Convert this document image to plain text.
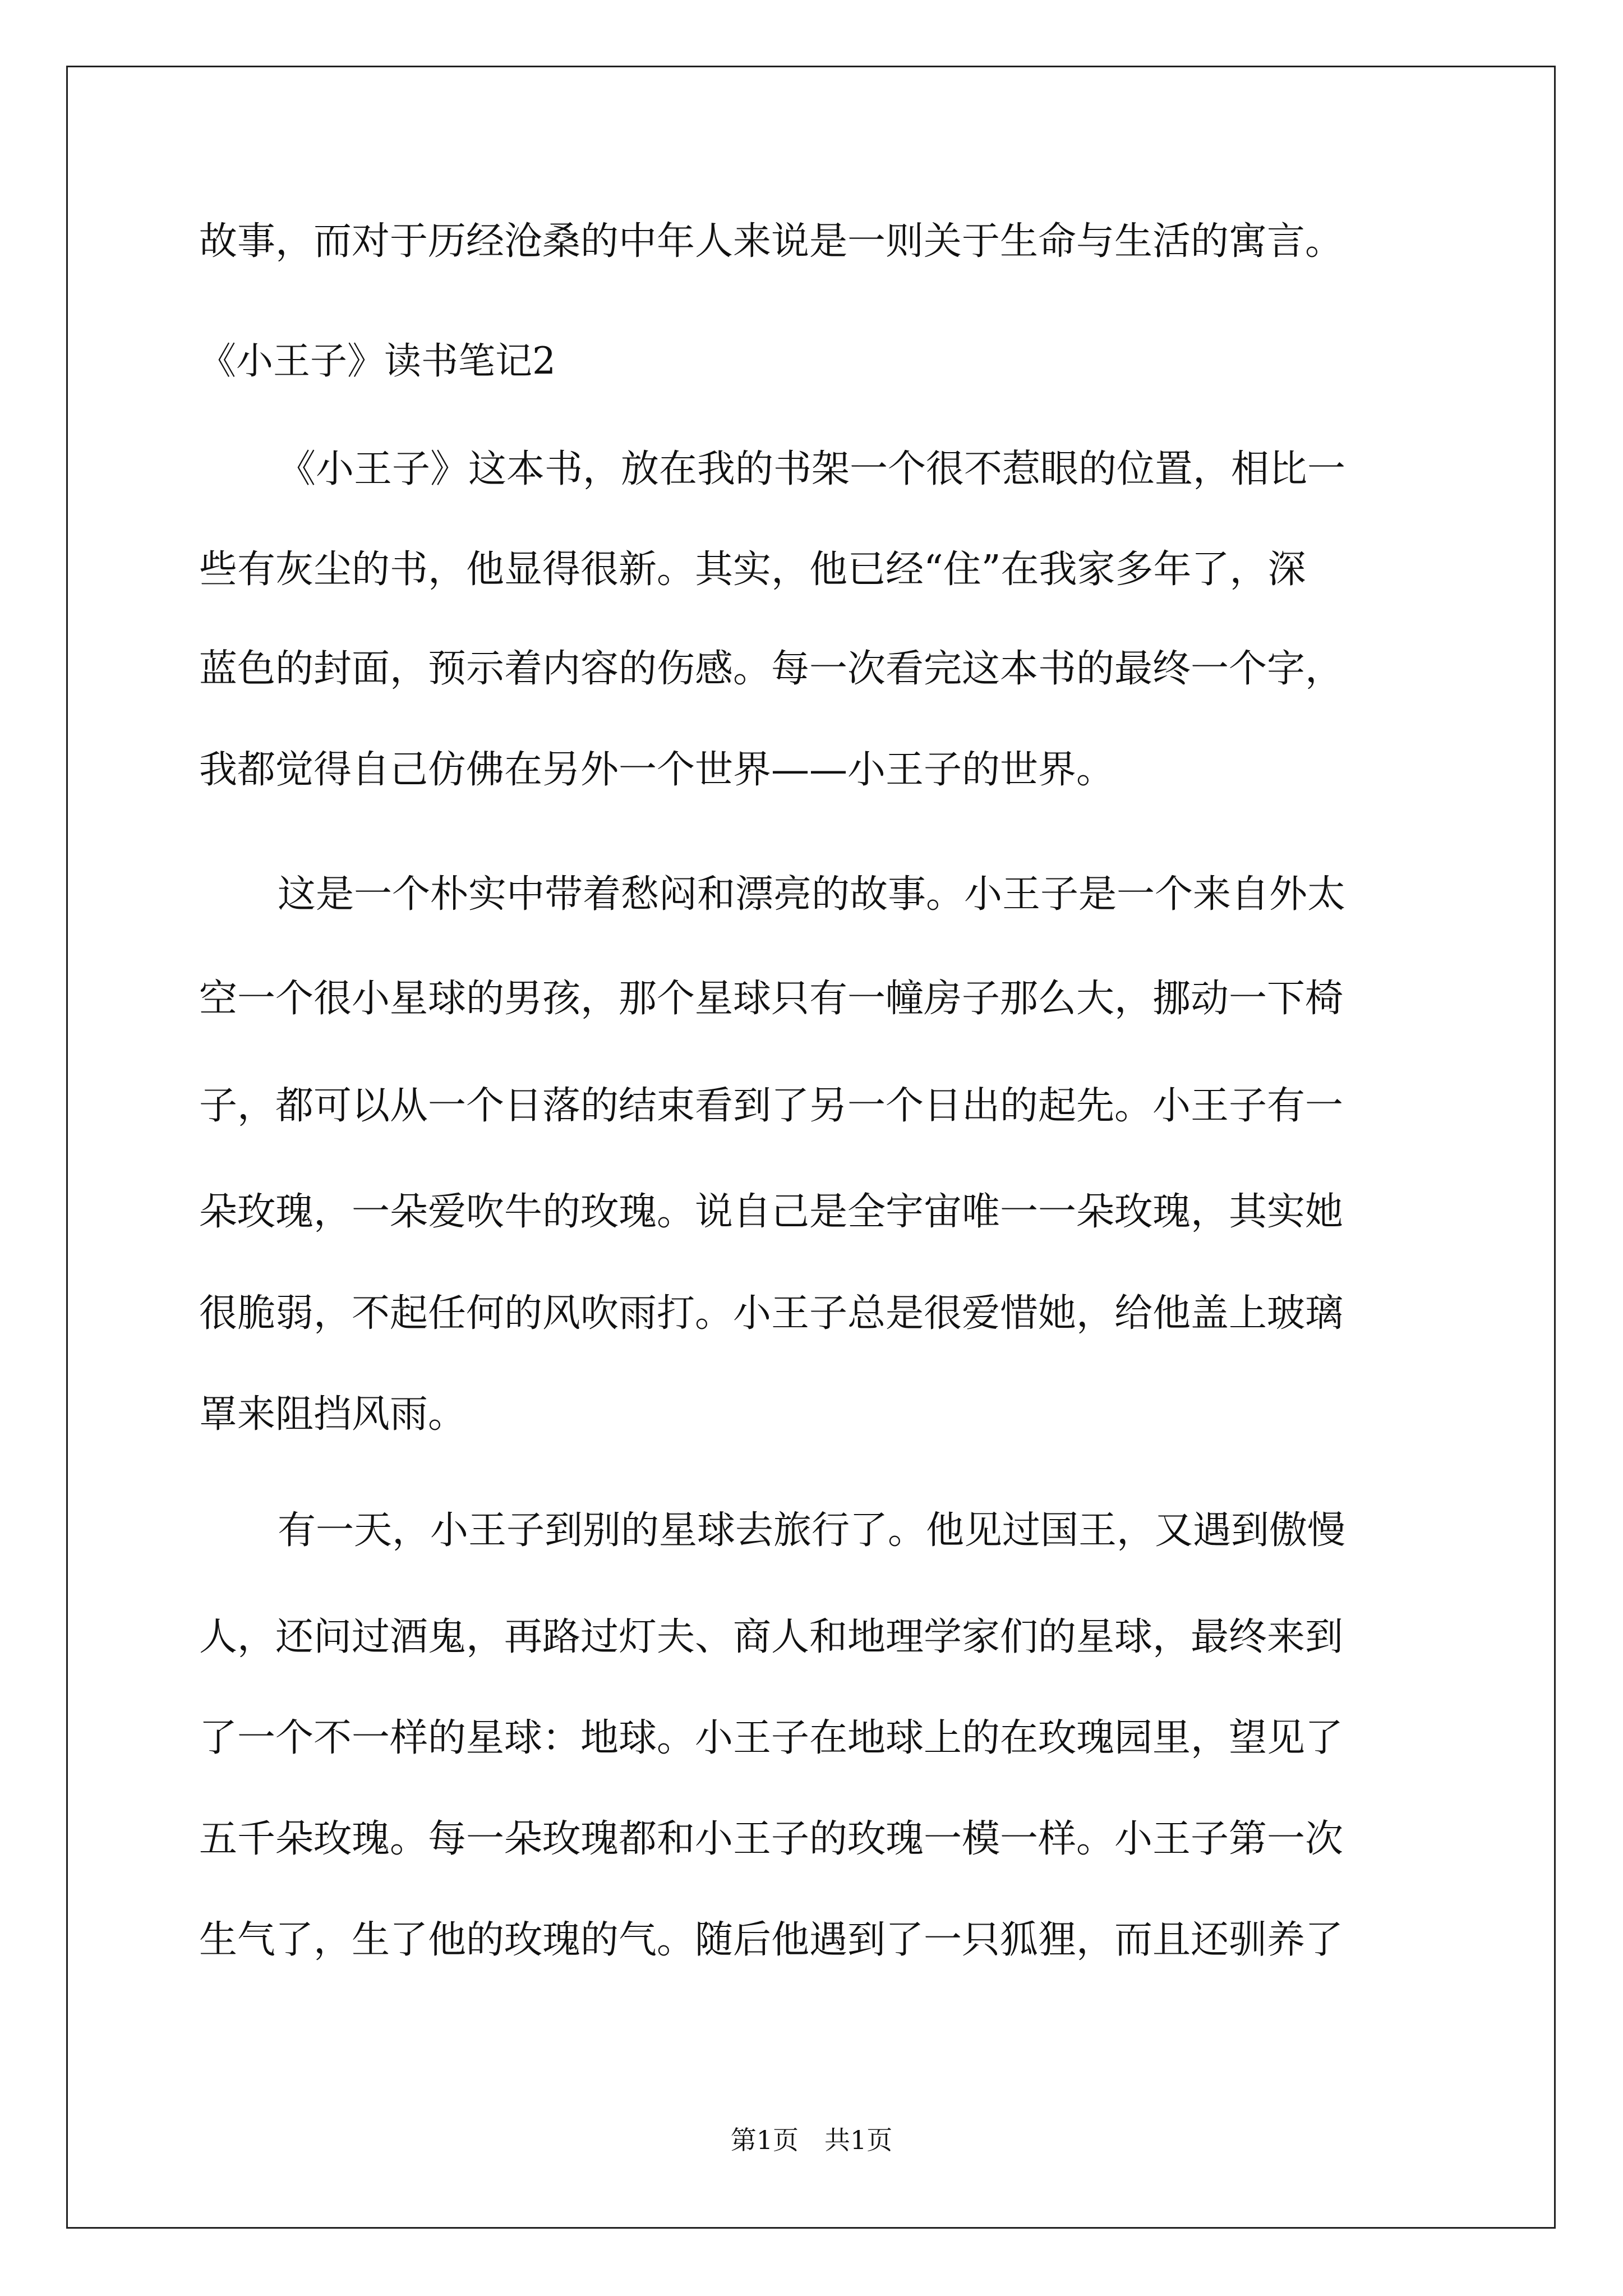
故事，而对于历经沧桑的中年人来说是一则关于生命与生活的寓言。
《小王子》读书笔记2
《小王子》这本书，放在我的书架一个很不惹眼的位置，相比一
些有灰尘的书，他显得很新。其实，他已经“住”在我家多年了，深
蓝色的封面，预示着内容的伤感。每一次看完这本书的最终一个字，
我都觉得自己仿佛在另外一个世界——小王子的世界。
这是一个朴实中带着愁闷和漂亮的故事。小王子是一个来自外太
空一个很小星球的男孩，那个星球只有一幢房子那么大，挪动一下椅
子，都可以从一个日落的结束看到了另一个日出的起先。小王子有一
朵玫瑰，一朵爱吹牛的玫瑰。说自己是全宇宙唯一一朵玫瑰，其实她
很脆弱，不起任何的风吹雨打。小王子总是很爱惜她，给他盖上玻璃
罩来阻挡风雨。
有一天，小王子到别的星球去旅行了。他见过国王，又遇到傲慢
人，还问过酒鬼，再路过灯夫、商人和地理学家们的星球，最终来到
了一个不一样的星球：地球。小王子在地球上的在玫瑰园里，望见了
五千朵玫瑰。每一朵玫瑰都和小王子的玫瑰一模一样。小王子第一次
生气了，生了他的玫瑰的气。随后他遇到了一只狐狸，而且还驯养了
第1页　共1页
